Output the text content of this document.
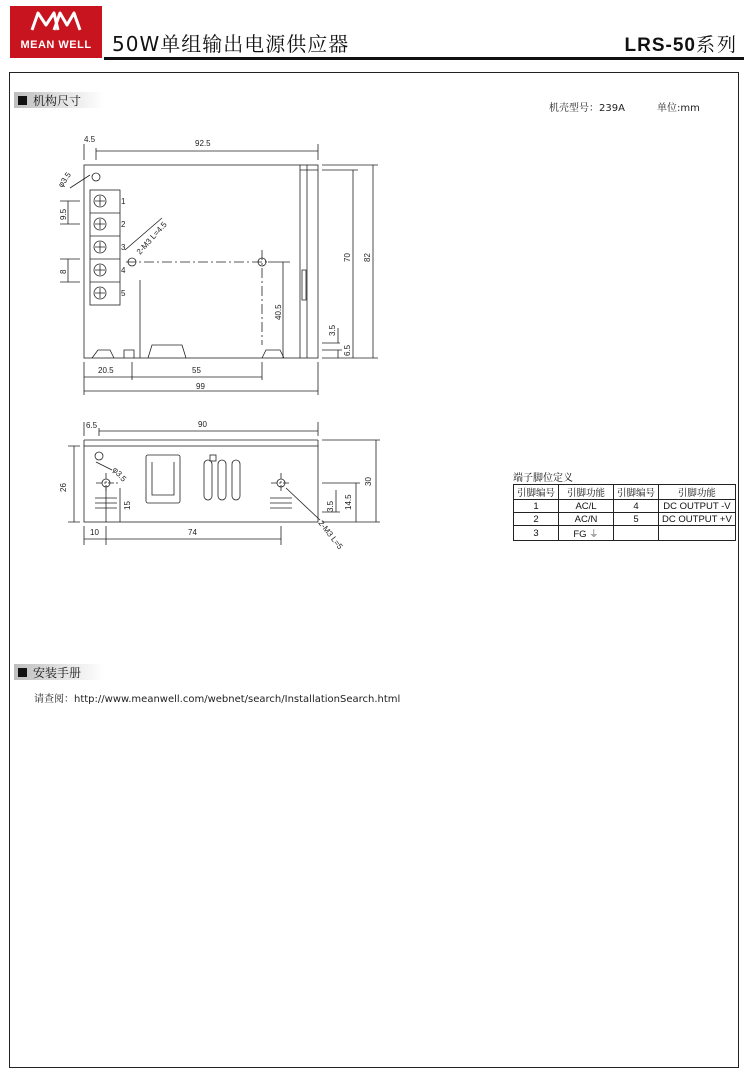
MEAN WELL	50W单组输出电源供应器	LRS-50系列
机构尺寸
机壳型号：239A	单位:mm
4.5	92.5
φ3.5
9.5
2-M3 L=4.5
8
70 82
40.5
3.5
6.5
20.5	55
99
1
2
3
4
5
6.5	90
φ3.5
26
15	3.5 14.5
30
10	74	2-M3 L=5
端子脚位定义
引脚编号	引脚功能	引脚编号	引脚功能
1	AC/L	4	DC OUTPUT -V
2	AC/N	5	DC OUTPUT +V
3	FG ⏚		
安装手册
请查阅：http://www.meanwell.com/webnet/search/InstallationSearch.html
